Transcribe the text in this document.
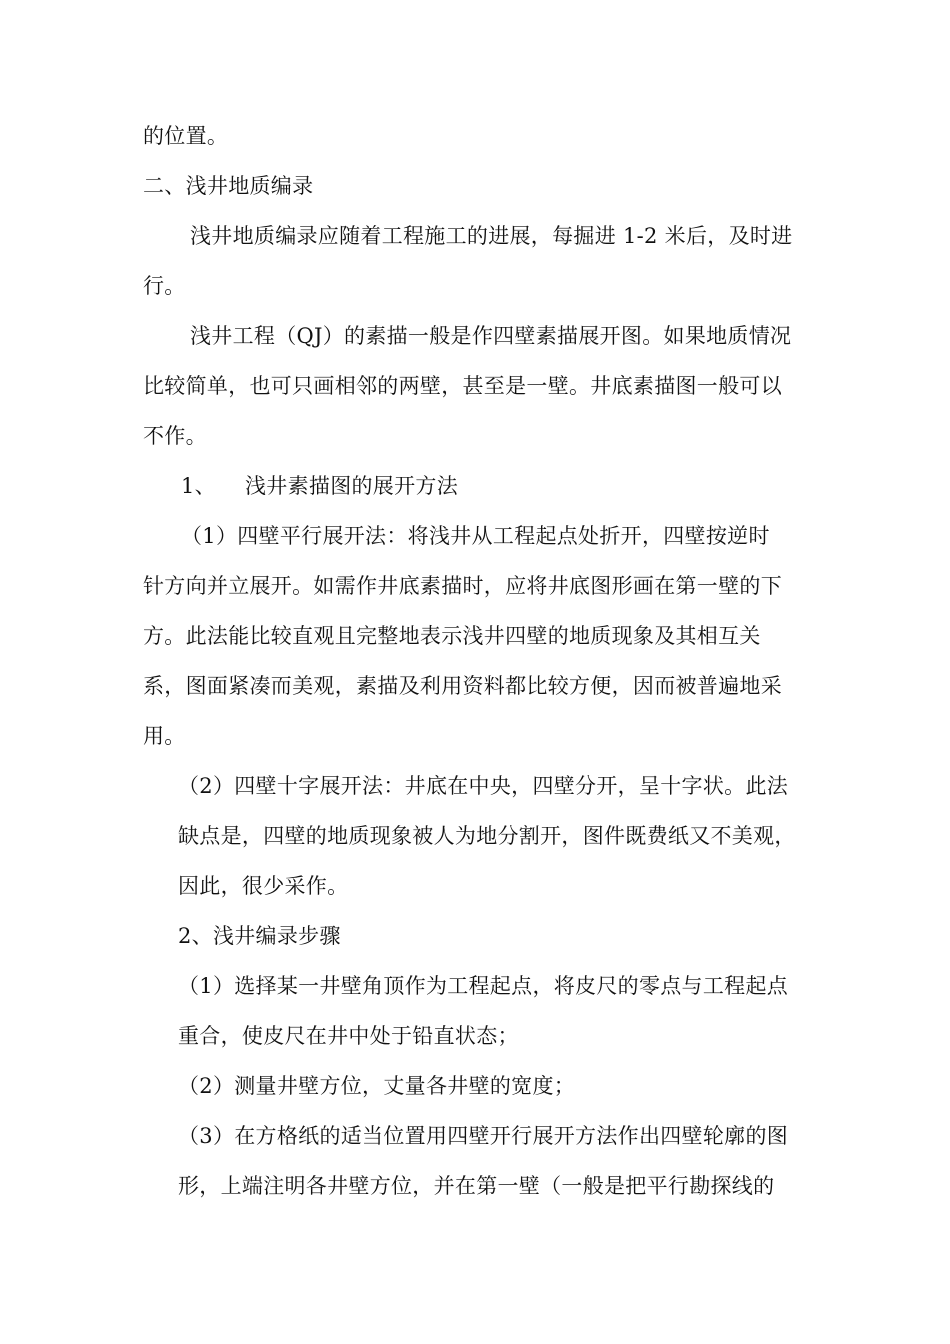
的位置。
二、浅井地质编录
浅井地质编录应随着工程施工的进展，每掘进 1-2 米后，及时进
行。
浅井工程（QJ）的素描一般是作四壁素描展开图。如果地质情况
比较简单，也可只画相邻的两壁，甚至是一壁。井底素描图一般可以
不作。
1、 浅井素描图的展开方法
（1）四壁平行展开法：将浅井从工程起点处折开，四壁按逆时
针方向并立展开。如需作井底素描时，应将井底图形画在第一壁的下
方。此法能比较直观且完整地表示浅井四壁的地质现象及其相互关
系，图面紧凑而美观，素描及利用资料都比较方便，因而被普遍地采
用。
（2）四壁十字展开法：井底在中央，四壁分开，呈十字状。此法
缺点是，四壁的地质现象被人为地分割开，图件既费纸又不美观，
因此，很少采作。
2、浅井编录步骤
（1）选择某一井壁角顶作为工程起点，将皮尺的零点与工程起点
重合，使皮尺在井中处于铅直状态；
（2）测量井壁方位，丈量各井壁的宽度；
（3）在方格纸的适当位置用四壁开行展开方法作出四壁轮廓的图
形，上端注明各井壁方位，并在第一壁（一般是把平行勘探线的
